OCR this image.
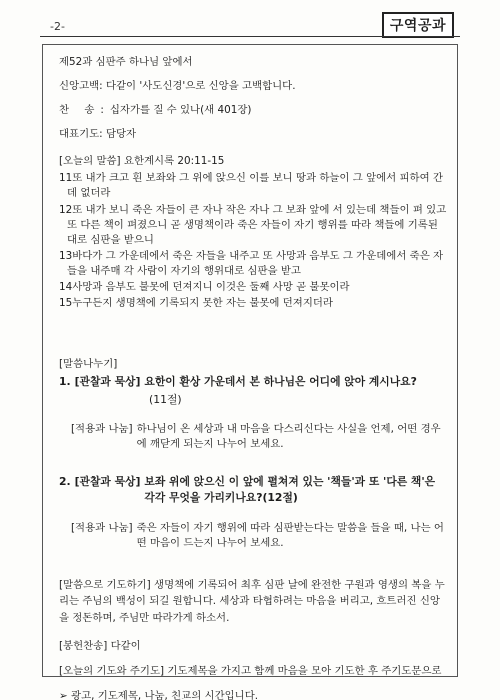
-2-	구역공과
제52과 심판주 하나님 앞에서
신앙고백:
다같이 '사도신경'으로 신앙을 고백합니다.
찬 송: 십자가를 질 수 있나(새 401장)
대표기도:
담당자
[오늘의 말씀] 요한계시록 20:11-15
11또 내가 크고 흰 보좌와 그 위에 앉으신 이를 보니 땅과 하늘이 그 앞에서 피하여 간 데 없더라
12또 내가 보니 죽은 자들이 큰 자나 작은 자나 그 보좌 앞에 서 있는데 책들이 펴 있고 또 다른 책이 펴졌으니 곧 생명책이라 죽은 자들이 자기 행위를 따라 책들에 기록된 대로 심판을 받으니
13바다가 그 가운데에서 죽은 자들을 내주고 또 사망과 음부도 그 가운데에서 죽은 자들을 내주매 각 사람이 자기의 행위대로 심판을 받고
14사망과 음부도 불못에 던져지니 이것은 둘째 사망 곧 불못이라
15누구든지 생명책에 기록되지 못한 자는 불못에 던져지더라
[말씀나누기]
1. [관찰과 묵상] 요한이 환상 가운데서 본 하나님은 어디에 앉아 계시나요?
(11절)
[적용과 나눔] 하나님이 온 세상과 내 마음을 다스리신다는 사실을 언제, 어떤 경우에 깨닫게 되는지 나누어 보세요.
2. [관찰과 묵상] 보좌 위에 앉으신 이 앞에 펼쳐져 있는 '책들'과 또 '다른 책'은 각각 무엇을 가리키나요?(12절)
[적용과 나눔] 죽은 자들이 자기 행위에 따라 심판받는다는 말씀을 들을 때, 나는 어떤 마음이 드는지 나누어 보세요.
[말씀으로 기도하기] 생명책에 기록되어 최후 심판 날에 완전한 구원과 영생의 복을 누리는 주님의 백성이 되길 원합니다. 세상과 타협하려는 마음을 버리고, 흐트러진 신앙을 정돈하며, 주님만 따라가게 하소서.
[봉헌찬송] 다같이
[오늘의 기도와 주기도] 기도제목을 가지고 함께 마음을 모아 기도한 후 주기도문으로
➢ 광고, 기도제목, 나눔, 친교의 시간입니다.
